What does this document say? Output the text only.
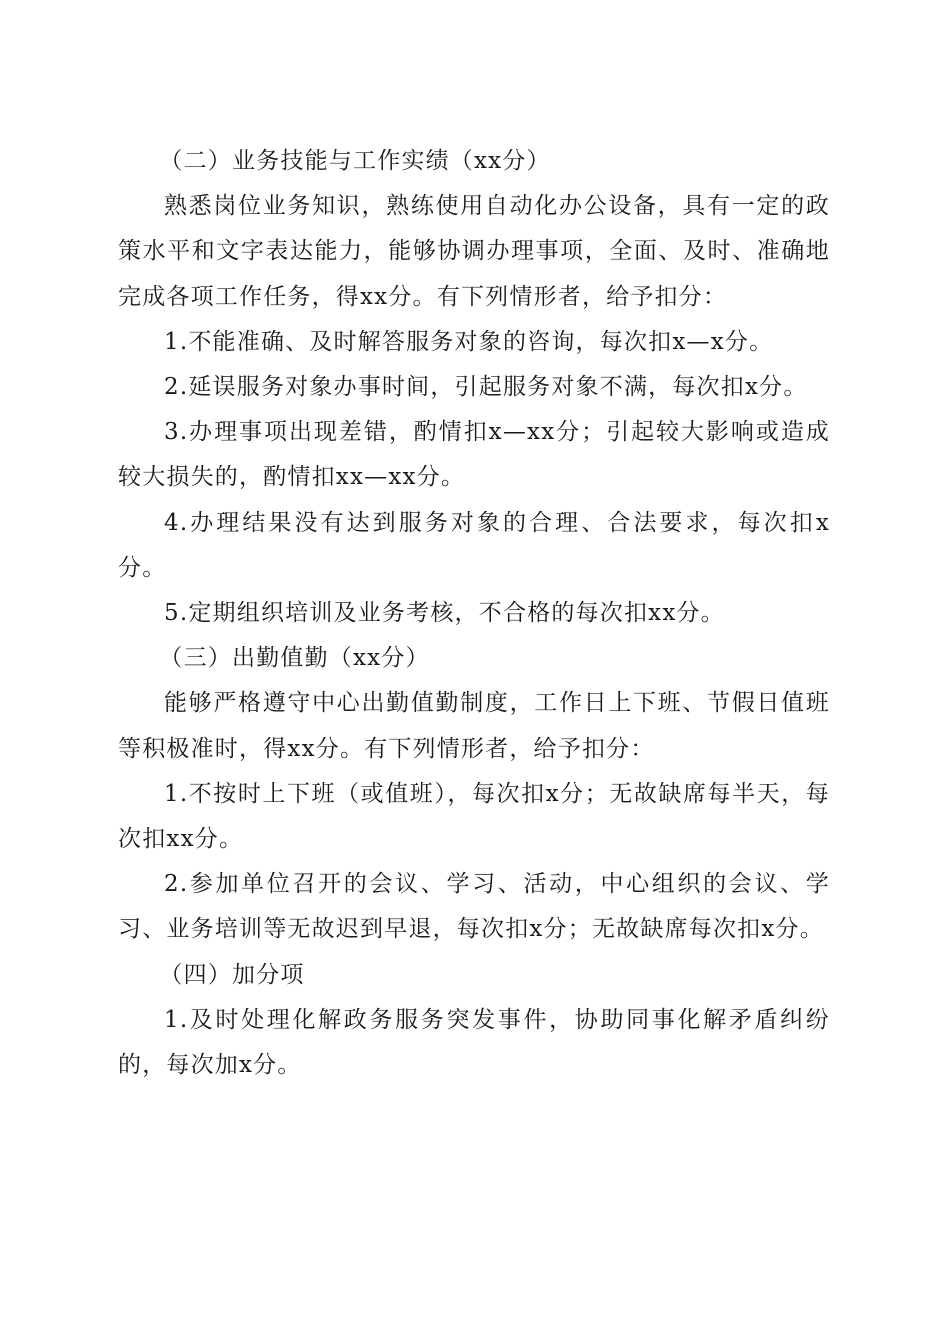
（二）业务技能与工作实绩（xx分）

熟悉岗位业务知识，熟练使用自动化办公设备，具有一定的政策水平和文字表达能力，能够协调办理事项，全面、及时、准确地完成各项工作任务，得xx分。有下列情形者，给予扣分：

1.不能准确、及时解答服务对象的咨询，每次扣x—x分。

2.延误服务对象办事时间，引起服务对象不满，每次扣x分。

3.办理事项出现差错，酌情扣x—xx分；引起较大影响或造成较大损失的，酌情扣xx—xx分。

4.办理结果没有达到服务对象的合理、合法要求，每次扣x分。

5.定期组织培训及业务考核，不合格的每次扣xx分。

（三）出勤值勤（xx分）

能够严格遵守中心出勤值勤制度，工作日上下班、节假日值班等积极准时，得xx分。有下列情形者，给予扣分：

1.不按时上下班（或值班），每次扣x分；无故缺席每半天，每次扣xx分。

2.参加单位召开的会议、学习、活动，中心组织的会议、学习、业务培训等无故迟到早退，每次扣x分；无故缺席每次扣x分。

（四）加分项

1.及时处理化解政务服务突发事件，协助同事化解矛盾纠纷的，每次加x分。
